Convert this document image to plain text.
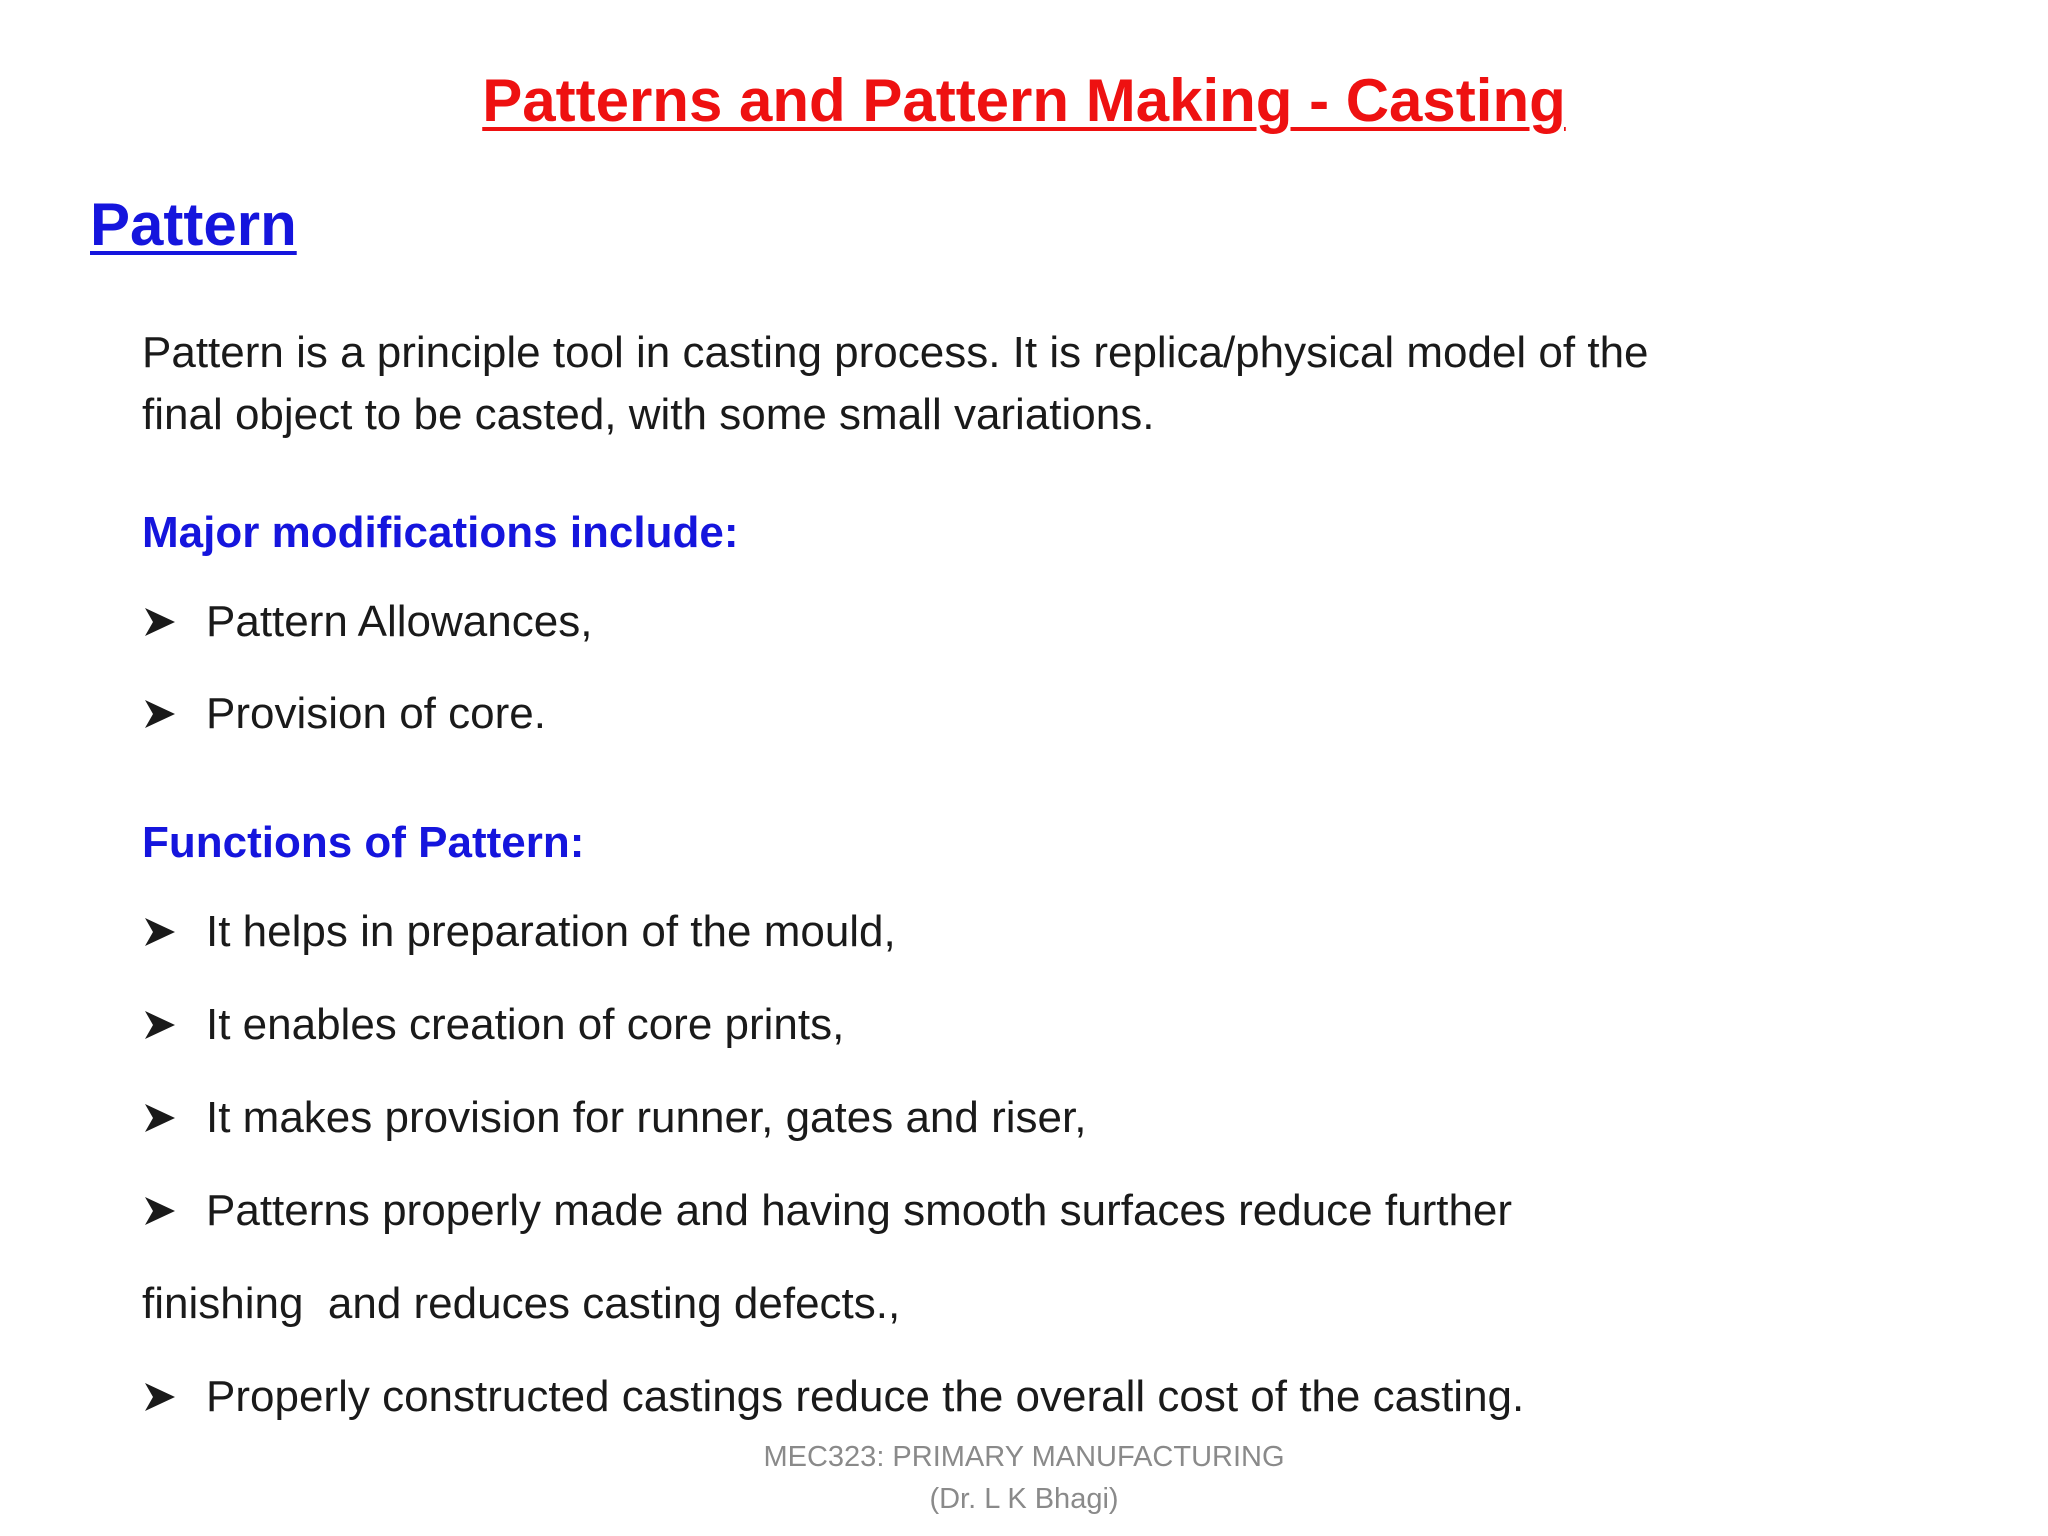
Patterns and Pattern Making - Casting
Pattern
Pattern is a principle tool in casting process. It is replica/physical model of the
final object to be casted, with some small variations.
Major modifications include:
Pattern Allowances,
Provision of core.
Functions of Pattern:
It helps in preparation of the mould,
It enables creation of core prints,
It makes provision for runner, gates and riser,
Patterns properly made and having smooth surfaces reduce further
finishing  and reduces casting defects.,
Properly constructed castings reduce the overall cost of the casting.
MEC323: PRIMARY MANUFACTURING
(Dr. L K Bhagi)
